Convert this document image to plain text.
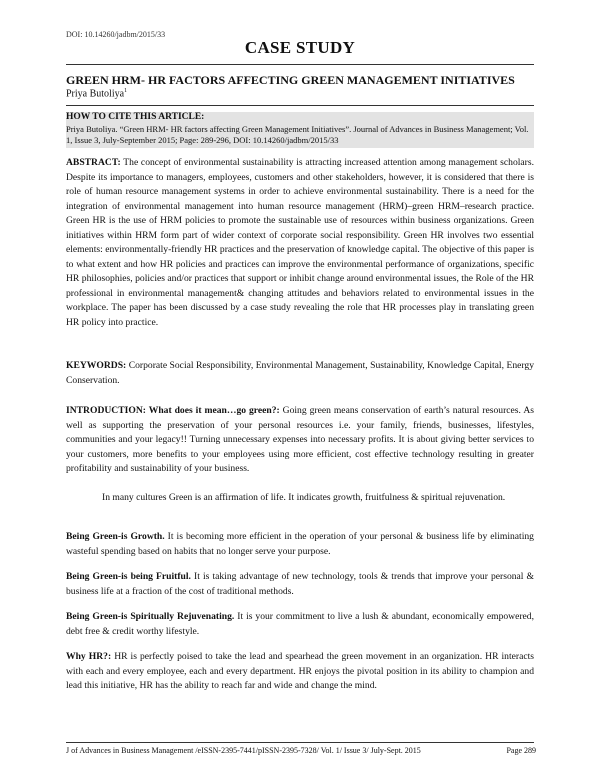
DOI: 10.14260/jadbm/2015/33
CASE STUDY
GREEN HRM- HR FACTORS AFFECTING GREEN MANAGEMENT INITIATIVES
Priya Butoliya$^1$
HOW TO CITE THIS ARTICLE:
Priya Butoliya. “Green HRM- HR factors affecting Green Management Initiatives”. Journal of Advances in Business Management; Vol. 1, Issue 3, July-September 2015; Page: 289-296, DOI: 10.14260/jadbm/2015/33
ABSTRACT: The concept of environmental sustainability is attracting increased attention among management scholars. Despite its importance to managers, employees, customers and other stakeholders, however, it is considered that there is role of human resource management systems in order to achieve environmental sustainability. There is a need for the integration of environmental management into human resource management (HRM)–green HRM–research practice. Green HR is the use of HRM policies to promote the sustainable use of resources within business organizations. Green initiatives within HRM form part of wider context of corporate social responsibility. Green HR involves two essential elements: environmentally-friendly HR practices and the preservation of knowledge capital. The objective of this paper is to what extent and how HR policies and practices can improve the environmental performance of organizations, specific HR philosophies, policies and/or practices that support or inhibit change around environmental issues, the Role of the HR professional in environmental management& changing attitudes and behaviors related to environmental issues in the workplace. The paper has been discussed by a case study revealing the role that HR processes play in translating green HR policy into practice.
KEYWORDS: Corporate Social Responsibility, Environmental Management, Sustainability, Knowledge Capital, Energy Conservation.
INTRODUCTION: What does it mean…go green?: Going green means conservation of earth’s natural resources. As well as supporting the preservation of your personal resources i.e. your family, friends, businesses, lifestyles, communities and your legacy!! Turning unnecessary expenses into necessary profits. It is about giving better services to your customers, more benefits to your employees using more efficient, cost effective technology resulting in greater profitability and sustainability of your business.
In many cultures Green is an affirmation of life. It indicates growth, fruitfulness & spiritual rejuvenation.
Being Green-is Growth. It is becoming more efficient in the operation of your personal & business life by eliminating wasteful spending based on habits that no longer serve your purpose.
Being Green-is being Fruitful. It is taking advantage of new technology, tools & trends that improve your personal & business life at a fraction of the cost of traditional methods.
Being Green-is Spiritually Rejuvenating. It is your commitment to live a lush & abundant, economically empowered, debt free & credit worthy lifestyle.
Why HR?: HR is perfectly poised to take the lead and spearhead the green movement in an organization. HR interacts with each and every employee, each and every department. HR enjoys the pivotal position in its ability to champion and lead this initiative, HR has the ability to reach far and wide and change the mind.
J of Advances in Business Management /eISSN-2395-7441/pISSN-2395-7328/ Vol. 1/ Issue 3/ July-Sept. 2015	Page 289
